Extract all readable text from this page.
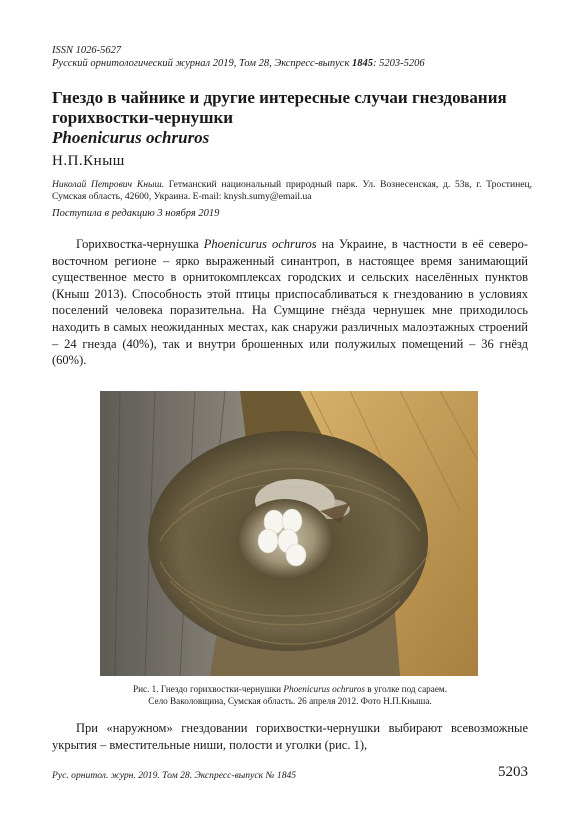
ISSN 1026-5627
Русский орнитологический журнал 2019, Том 28, Экспресс-выпуск 1845: 5203-5206
Гнездо в чайнике и другие интересные случаи гнездования горихвостки-чернушки
Phoenicurus ochruros
Н.П.Кныш
Николай Петрович Кныш. Гетманский национальный природный парк. Ул. Вознесенская, д. 53в, г. Тростинец, Сумская область, 42600, Украина. E-mail: knysh.sumy@email.ua
Поступила в редакцию 3 ноября 2019
Горихвостка-чернушка Phoenicurus ochruros на Украине, в частности в её северо-восточном регионе – ярко выраженный синантроп, в настоящее время занимающий существенное место в орнитокомплексах городских и сельских населённых пунктов (Кныш 2013). Способность этой птицы приспосабливаться к гнездованию в условиях поселений человека поразительна. На Сумщине гнёзда чернушек мне приходилось находить в самых неожиданных местах, как снаружи различных малоэтажных строений – 24 гнезда (40%), так и внутри брошенных или полужилых помещений – 36 гнёзд (60%).
Рис. 1. Гнездо горихвостки-чернушки Phoenicurus ochruros в уголке под сараем.
Село Ваколовщина, Сумская область. 26 апреля 2012. Фото Н.П.Кныша.
При «наружном» гнездовании горихвостки-чернушки выбирают всевозможные укрытия – вместительные ниши, полости и уголки (рис. 1),
Рус. орнитол. журн. 2019. Том 28. Экспресс-выпуск № 1845	5203
